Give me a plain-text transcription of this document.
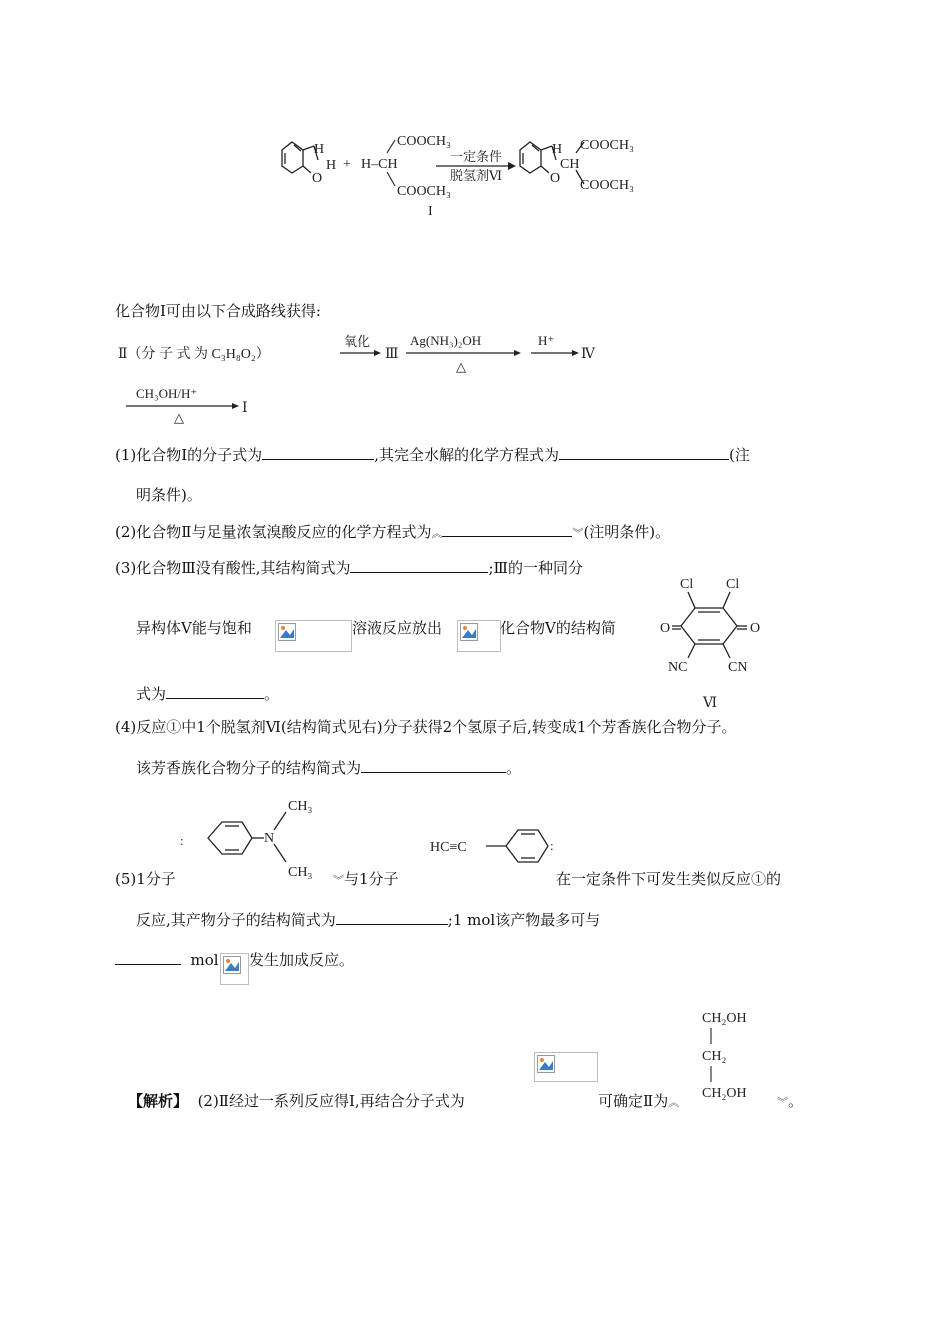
H
H
O
+
COOCH₃
H–CH
COOCH₃
I
一定条件
脱氢剂Ⅵ
H
O
CH
COOCH₃
COOCH₃
化合物Ⅰ可由以下合成路线获得:
Ⅱ（分 子 式 为 C₃H₈O₂）
氧化
Ⅲ
Ag(NH₃)₂OH
△
H⁺
Ⅳ
CH₃OH/H⁺
△
Ⅰ
(1)化合物Ⅰ的分子式为	,其完全水解的化学方程式为	(注
明条件)。
(2)化合物Ⅱ与足量浓氢溴酸反应的化学方程式为︽	︾(注明条件)。
(3)化合物Ⅲ没有酸性,其结构简式为	;Ⅲ的一种同分
异构体Ⅴ能与饱和	溶液反应放出	化合物Ⅴ的结构简
式为	。
Cl Cl
O	O
NC	CN
Ⅵ
(4)反应①中1个脱氢剂Ⅵ(结构简式见右)分子获得2个氢原子后,转变成1个芳香族化合物分子。
该芳香族化合物分子的结构简式为	。
:	N
CH₃
CH₃
HC≡C	:
(5)1分子	︾与1分子	在一定条件下可发生类似反应①的
反应,其产物分子的结构简式为	;1 mol该产物最多可与
mol 发生加成反应。
CH₂OH
CH₂
CH₂OH
【解析】 (2)Ⅱ经过一系列反应得Ⅰ,再结合分子式为	可确定Ⅱ为︽	︾。
